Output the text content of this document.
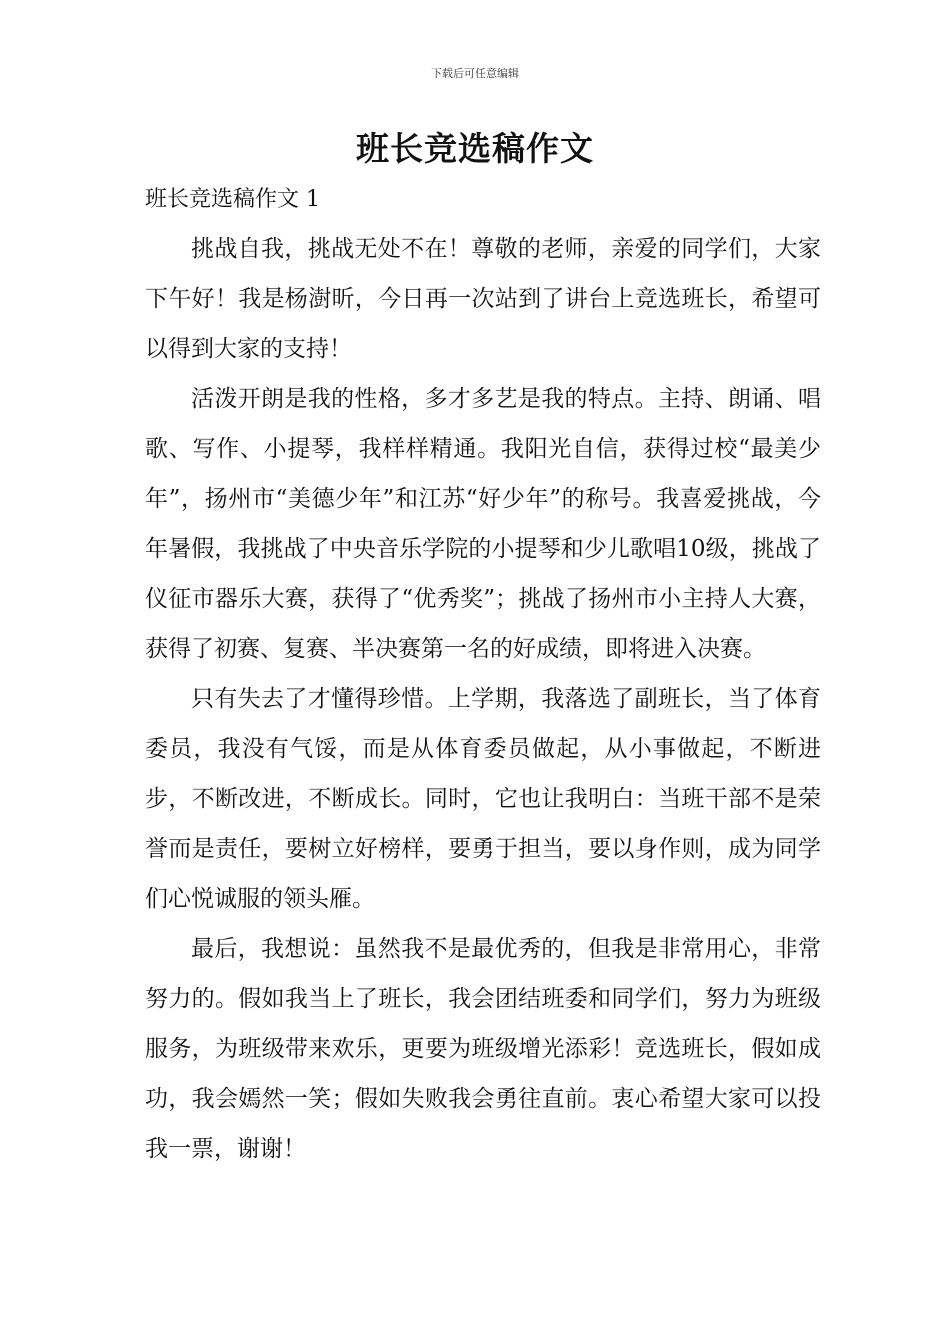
下载后可任意编辑
班长竞选稿作文
班长竞选稿作文 1

挑战自我，挑战无处不在！尊敬的老师，亲爱的同学们，大家下午好！我是杨澍昕，今日再一次站到了讲台上竞选班长，希望可以得到大家的支持！

活泼开朗是我的性格，多才多艺是我的特点。主持、朗诵、唱歌、写作、小提琴，我样样精通。我阳光自信，获得过校“最美少年”，扬州市“美德少年”和江苏“好少年”的称号。我喜爱挑战，今年暑假，我挑战了中央音乐学院的小提琴和少儿歌唱10级，挑战了仪征市器乐大赛，获得了“优秀奖”；挑战了扬州市小主持人大赛，获得了初赛、复赛、半决赛第一名的好成绩，即将进入决赛。

只有失去了才懂得珍惜。上学期，我落选了副班长，当了体育委员，我没有气馁，而是从体育委员做起，从小事做起，不断进步，不断改进，不断成长。同时，它也让我明白：当班干部不是荣誉而是责任，要树立好榜样，要勇于担当，要以身作则，成为同学们心悦诚服的领头雁。

最后，我想说：虽然我不是最优秀的，但我是非常用心，非常努力的。假如我当上了班长，我会团结班委和同学们，努力为班级服务，为班级带来欢乐，更要为班级增光添彩！竞选班长，假如成功，我会嫣然一笑；假如失败我会勇往直前。衷心希望大家可以投我一票，谢谢！
